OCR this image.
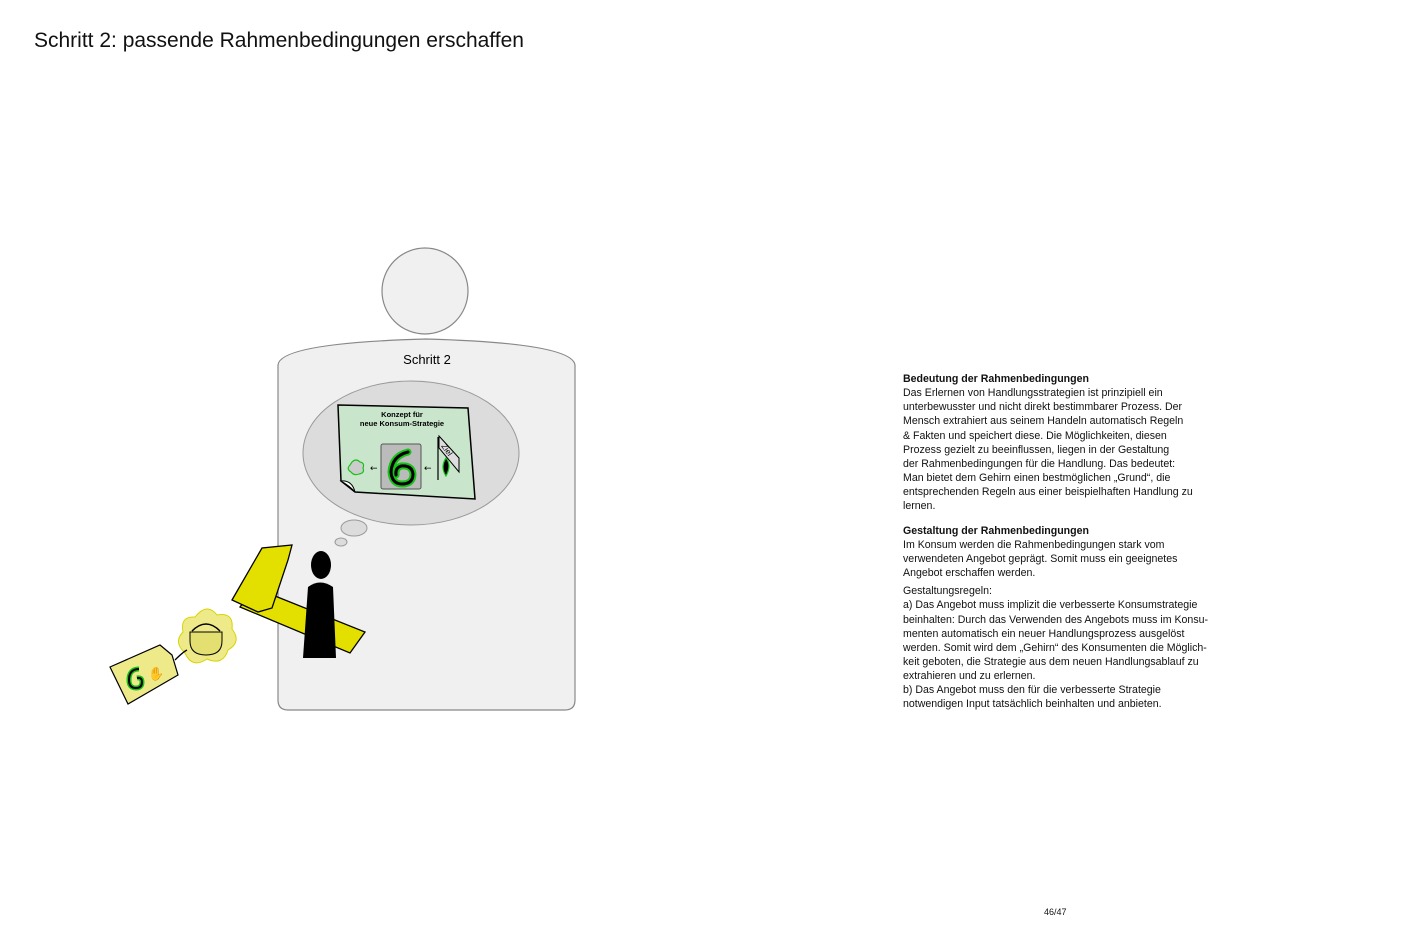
Schritt 2: passende Rahmenbedingungen erschaffen
Schritt 2
Konzept für
neue Konsum-Strategie
←	←
Ziel
✋
Bedeutung der Rahmenbedingungen

Das Erlernen von Handlungsstrategien ist prinzipiell ein
unterbewusster und nicht direkt bestimmbarer Prozess. Der
Mensch extrahiert aus seinem Handeln automatisch Regeln
& Fakten und speichert diese. Die Möglichkeiten, diesen
Prozess gezielt zu beeinflussen, liegen in der Gestaltung
der Rahmenbedingungen für die Handlung. Das bedeutet:
Man bietet dem Gehirn einen bestmöglichen „Grund“, die
entsprechenden Regeln aus einer beispielhaften Handlung zu
lernen.

Gestaltung der Rahmenbedingungen

Im Konsum werden die Rahmenbedingungen stark vom
verwendeten Angebot geprägt. Somit muss ein geeignetes
Angebot erschaffen werden.

Gestaltungsregeln:
a) Das Angebot muss implizit die verbesserte Konsumstrategie
beinhalten: Durch das Verwenden des Angebots muss im Konsu-
menten automatisch ein neuer Handlungsprozess ausgelöst
werden. Somit wird dem „Gehirn“ des Konsumenten die Möglich-
keit geboten, die Strategie aus dem neuen Handlungsablauf zu
extrahieren und zu erlernen.
b) Das Angebot muss den für die verbesserte Strategie
notwendigen Input tatsächlich beinhalten und anbieten.

46/47
